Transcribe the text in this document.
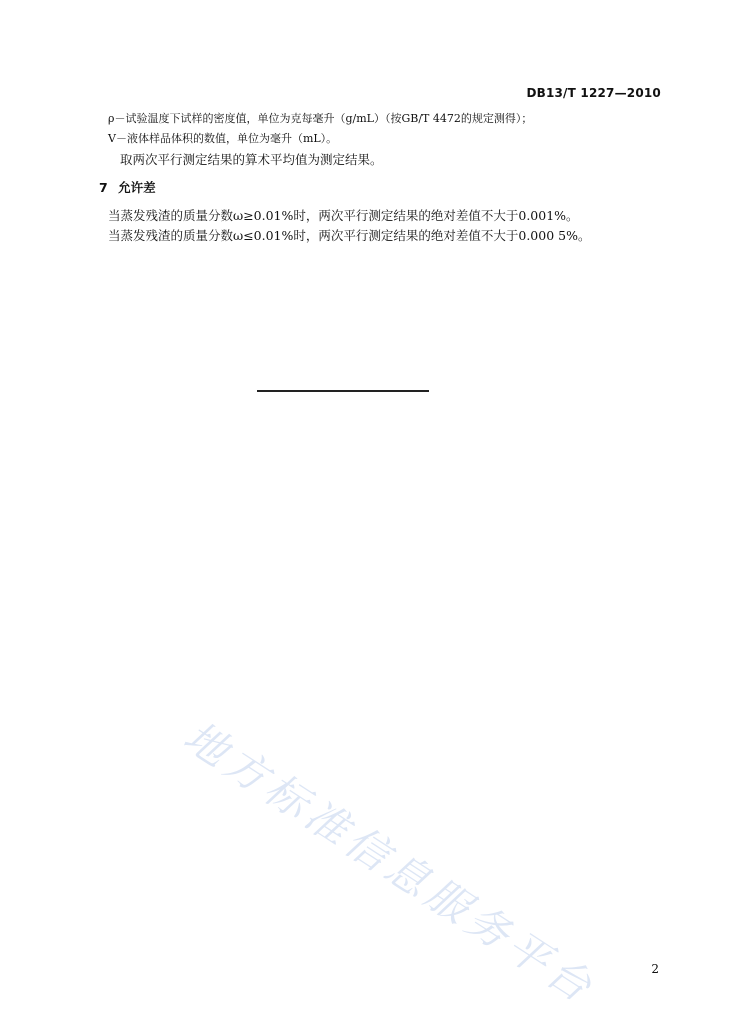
DB13/T 1227—2010
ρ－试验温度下试样的密度值，单位为克每毫升（g/mL）（按GB/T 4472的规定测得）；
V－液体样品体积的数值，单位为毫升（mL）。
取两次平行测定结果的算术平均值为测定结果。
7 允许差
当蒸发残渣的质量分数ω≥0.01%时，两次平行测定结果的绝对差值不大于0.001%。
当蒸发残渣的质量分数ω≤0.01%时，两次平行测定结果的绝对差值不大于0.000 5%。
地方标准信息服务平台	2
